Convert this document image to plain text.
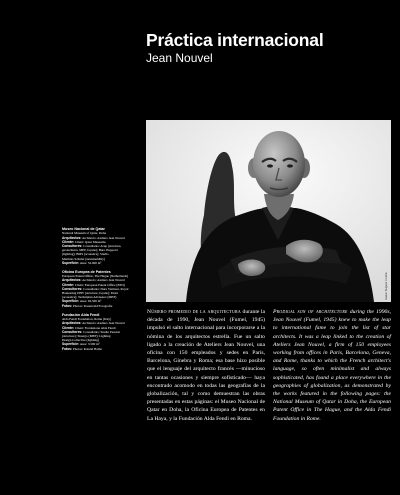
Práctica internacional
Jean Nouvel
Gaston Bergeret / Corbis
Museo Nacional de Qatar
National Museum of Qatar, Doha
Arquitectos: Architects: Ateliers Jean Nouvel
Cliente: Client: Qatar Museums
Consultores: Consultants: Arup (structure,
geotechnics, MEP, façade); Buro Happold
(lighting); BMS (acoustics); Studio
Matthias Schuler (sustainability)
Superficie: Area: 52.000 m²
Oficina Europea de Patentes
European Patent Office, The Hague (Netherlands)
Arquitectos: Architects: Ateliers Jean Nouvel
Cliente: Client: European Patent Office (EPO)
Consultores: Consultants: Dura Vermeer, Royal
Haskoning DHV (structure, façade); Peutz
(acoustics); Techniplan Adviseurs (MEP)
Superficie: Area: 92.500 m²
Fotos: Photos: Rozenveld Fotografie
Fundación Alda Fendi
Alda Fendi Foundation, Rome (Italy)
Arquitectos: Architects: Ateliers Jean Nouvel
Cliente: Client: Fondazione Alda Fendi
Consultores: Consultants: Studio Pession
(structure); Sinergo (MEP); Lighting
Design Collective (lighting)
Superficie: Area: 3.500 m²
Fotos: Photos: Roland Halbe
Número promedio de la arquitectura durante la década de 1990, Jean Nouvel (Fumel, 1945) impulsó el salto internacional para incorporarse a la nómina de los arquitectos estrella. Fue un salto ligado a la creación de Ateliers Jean Nouvel, una oficina con 150 empleados y sedes en París, Barcelona, Ginebra y Roma; esa base hizo posible que el lenguaje del arquitecto francés —minucioso en tantas ocasiones y siempre sofisticado— haya encontrado acomodo en todas las geografías de la globalización, tal y como demuestran las obras presentadas en estas páginas: el Museo Nacional de Qatar en Doha, la Oficina Europea de Patentes en La Haya, y la Fundación Alda Fendi en Roma.
Prodigal son of architecture during the 1990s, Jean Nouvel (Fumel, 1945) knew to make the leap to international fame to join the list of star architects. It was a leap linked to the creation of Ateliers Jean Nouvel, a firm of 150 employees working from offices in Paris, Barcelona, Geneva, and Rome, thanks to which the French architect's language, so often minimalist and always sophisticated, has found a place everywhere in the geographies of globalization, as demonstrated by the works featured in the following pages: the National Museum of Qatar in Doha, the European Patent Office in The Hague, and the Alda Fendi Foundation in Rome.
